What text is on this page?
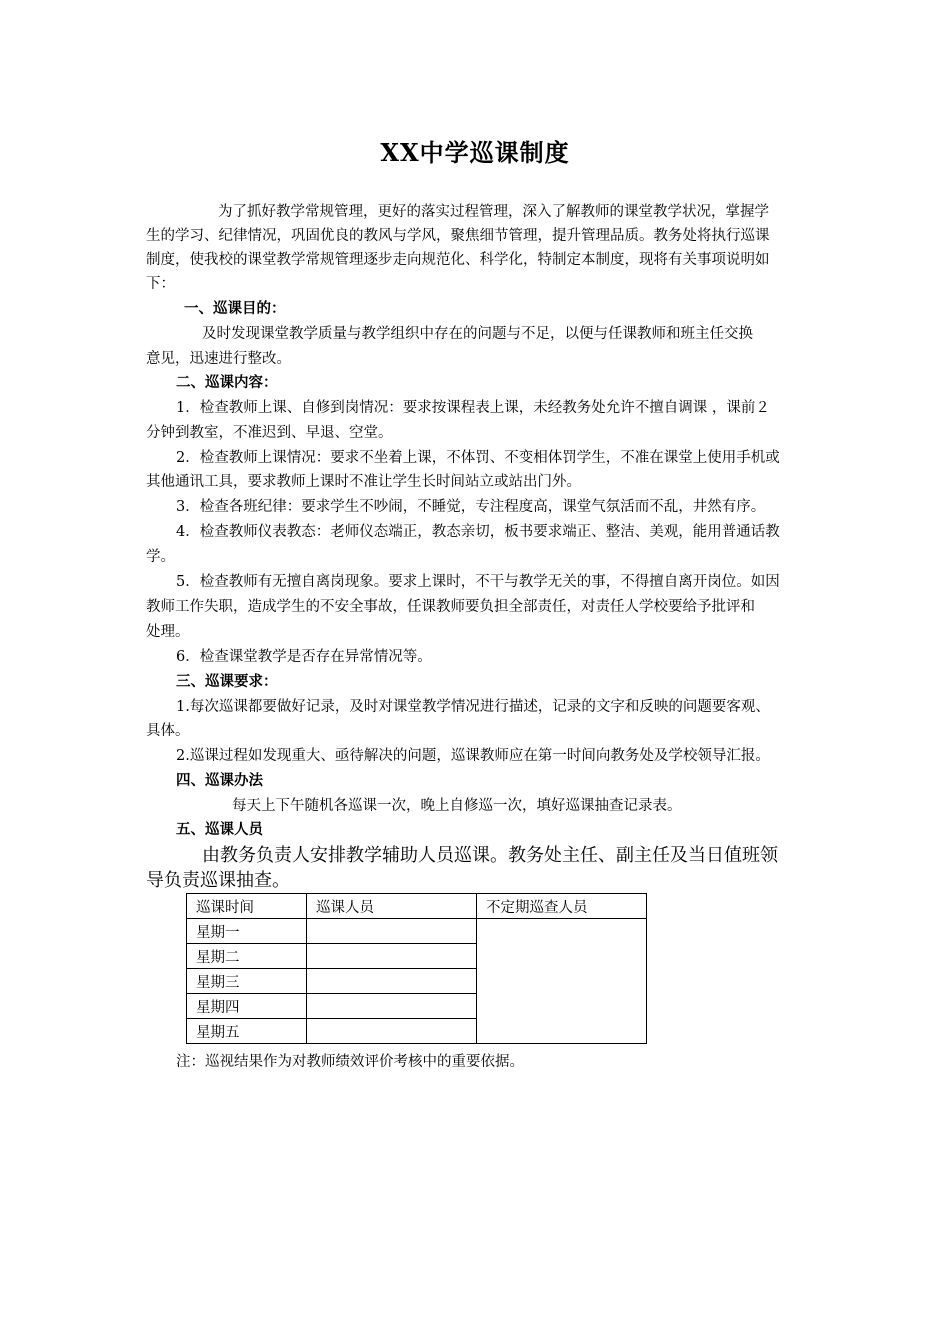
XX中学巡课制度
为了抓好教学常规管理，更好的落实过程管理，深入了解教师的课堂教学状况，掌握学
生的学习、纪律情况，巩固优良的教风与学风，聚焦细节管理，提升管理品质。教务处将执行巡课
制度，使我校的课堂教学常规管理逐步走向规范化、科学化，特制定本制度，现将有关事项说明如
下：
一、巡课目的：
及时发现课堂教学质量与教学组织中存在的问题与不足，以便与任课教师和班主任交换
意见，迅速进行整改。
二、巡课内容：
1．检查教师上课、自修到岗情况：要求按课程表上课，未经教务处允许不擅自调课 ，课前２
分钟到教室，不准迟到、早退、空堂。
2．检查教师上课情况：要求不坐着上课，不体罚、不变相体罚学生，不准在课堂上使用手机或
其他通讯工具，要求教师上课时不准让学生长时间站立或站出门外。
3．检查各班纪律：要求学生不吵闹，不睡觉，专注程度高，课堂气氛活而不乱，井然有序。
4．检查教师仪表教态：老师仪态端正，教态亲切，板书要求端正、整洁、美观，能用普通话教
学。
5．检查教师有无擅自离岗现象。要求上课时，不干与教学无关的事，不得擅自离开岗位。如因
教师工作失职，造成学生的不安全事故，任课教师要负担全部责任，对责任人学校要给予批评和
处理。
6．检查课堂教学是否存在异常情况等。
三、巡课要求：
1.每次巡课都要做好记录，及时对课堂教学情况进行描述，记录的文字和反映的问题要客观、
具体。
2.巡课过程如发现重大、亟待解决的问题，巡课教师应在第一时间向教务处及学校领导汇报。
四、巡课办法
每天上下午随机各巡课一次，晚上自修巡一次，填好巡课抽查记录表。
五、巡课人员
由教务负责人安排教学辅助人员巡课。教务处主任、副主任及当日值班领
导负责巡课抽查。
巡课时间	巡课人员	不定期巡查人员
星期一		
星期二		
星期三		
星期四		
星期五		
注：巡视结果作为对教师绩效评价考核中的重要依据。
